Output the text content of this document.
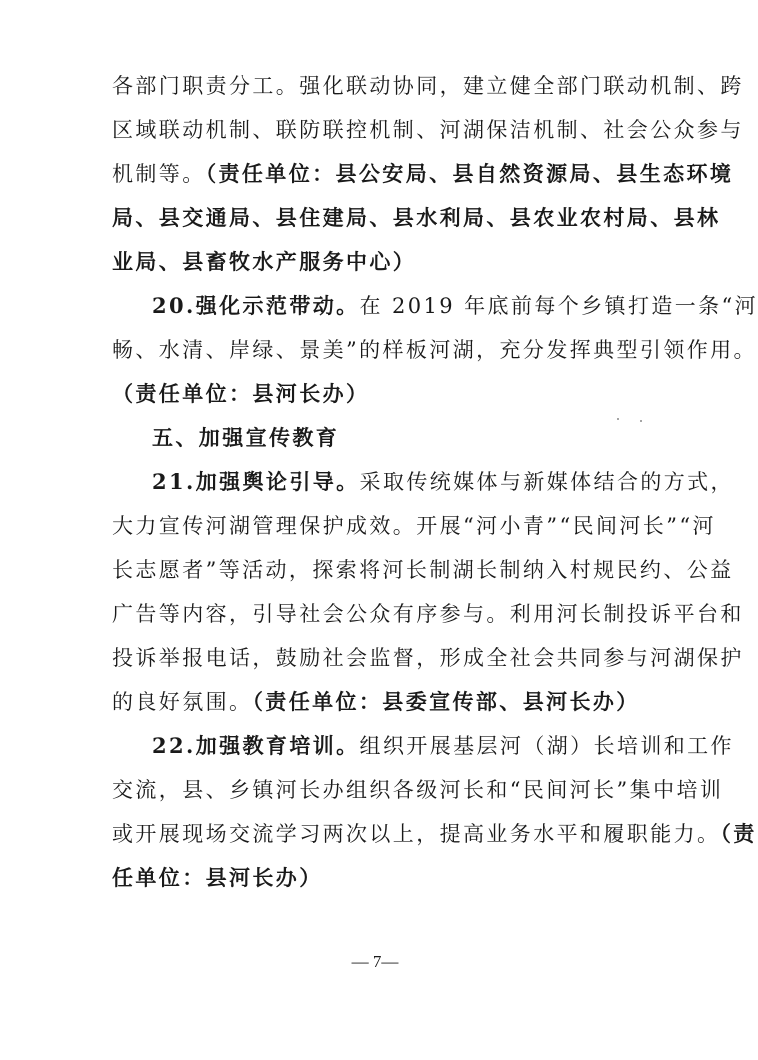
各部门职责分工。强化联动协同，建立健全部门联动机制、跨
区域联动机制、联防联控机制、河湖保洁机制、社会公众参与
机制等。（责任单位：县公安局、县自然资源局、县生态环境
局、县交通局、县住建局、县水利局、县农业农村局、县林
业局、县畜牧水产服务中心）
20.强化示范带动。在 2019 年底前每个乡镇打造一条“河
畅、水清、岸绿、景美”的样板河湖，充分发挥典型引领作用。
（责任单位：县河长办）
五、加强宣传教育
21.加强舆论引导。采取传统媒体与新媒体结合的方式，
大力宣传河湖管理保护成效。开展“河小青”“民间河长”“河
长志愿者”等活动，探索将河长制湖长制纳入村规民约、公益
广告等内容，引导社会公众有序参与。利用河长制投诉平台和
投诉举报电话，鼓励社会监督，形成全社会共同参与河湖保护
的良好氛围。（责任单位：县委宣传部、县河长办）
22.加强教育培训。组织开展基层河（湖）长培训和工作
交流，县、乡镇河长办组织各级河长和“民间河长”集中培训
或开展现场交流学习两次以上，提高业务水平和履职能力。（责
任单位：县河长办）
— 7—
